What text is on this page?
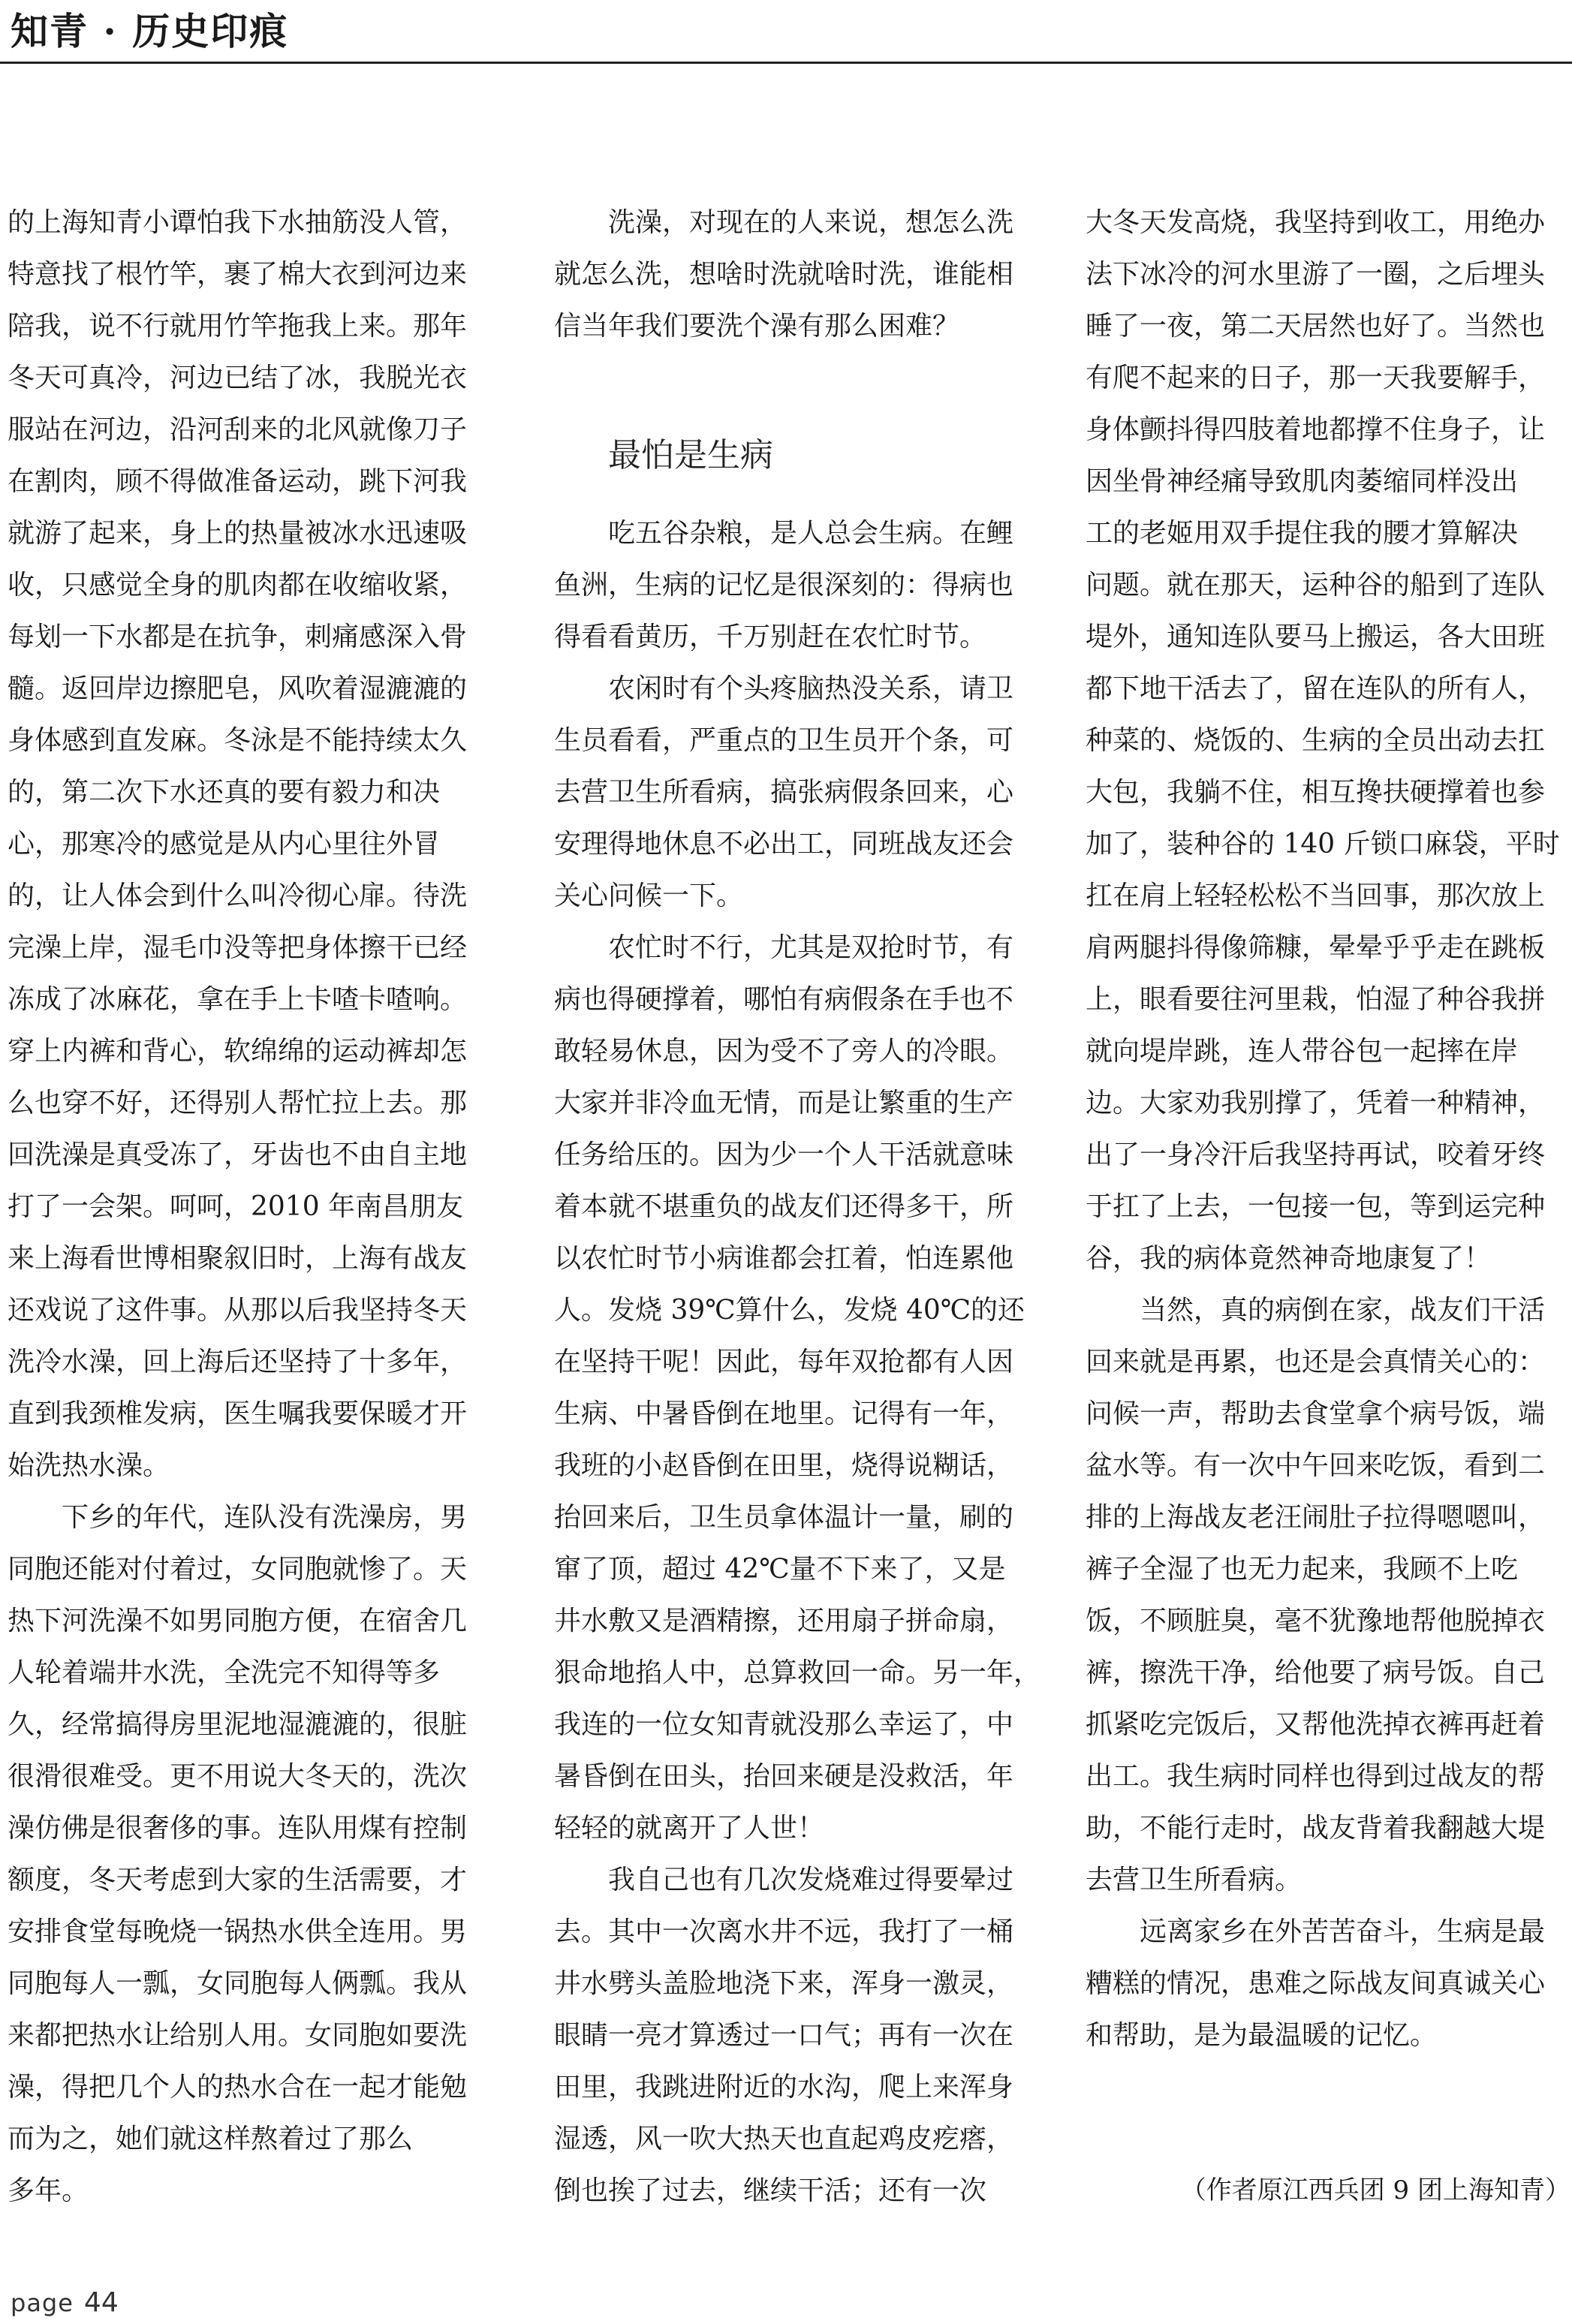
知青 · 历史印痕
的上海知青小谭怕我下水抽筋没人管，
特意找了根竹竿，裹了棉大衣到河边来
陪我，说不行就用竹竿拖我上来。那年
冬天可真冷，河边已结了冰，我脱光衣
服站在河边，沿河刮来的北风就像刀子
在割肉，顾不得做准备运动，跳下河我
就游了起来，身上的热量被冰水迅速吸
收，只感觉全身的肌肉都在收缩收紧，
每划一下水都是在抗争，刺痛感深入骨
髓。返回岸边擦肥皂，风吹着湿漉漉的
身体感到直发麻。冬泳是不能持续太久
的，第二次下水还真的要有毅力和决
心，那寒冷的感觉是从内心里往外冒
的，让人体会到什么叫冷彻心扉。待洗
完澡上岸，湿毛巾没等把身体擦干已经
冻成了冰麻花，拿在手上卡喳卡喳响。
穿上内裤和背心，软绵绵的运动裤却怎
么也穿不好，还得别人帮忙拉上去。那
回洗澡是真受冻了，牙齿也不由自主地
打了一会架。呵呵，2010 年南昌朋友
来上海看世博相聚叙旧时，上海有战友
还戏说了这件事。从那以后我坚持冬天
洗冷水澡，回上海后还坚持了十多年，
直到我颈椎发病，医生嘱我要保暖才开
始洗热水澡。
下乡的年代，连队没有洗澡房，男
同胞还能对付着过，女同胞就惨了。天
热下河洗澡不如男同胞方便，在宿舍几
人轮着端井水洗，全洗完不知得等多
久，经常搞得房里泥地湿漉漉的，很脏
很滑很难受。更不用说大冬天的，洗次
澡仿佛是很奢侈的事。连队用煤有控制
额度，冬天考虑到大家的生活需要，才
安排食堂每晚烧一锅热水供全连用。男
同胞每人一瓢，女同胞每人俩瓢。我从
来都把热水让给别人用。女同胞如要洗
澡，得把几个人的热水合在一起才能勉
而为之，她们就这样熬着过了那么
多年。
洗澡，对现在的人来说，想怎么洗
就怎么洗，想啥时洗就啥时洗，谁能相
信当年我们要洗个澡有那么困难？
最怕是生病
吃五谷杂粮，是人总会生病。在鲤
鱼洲，生病的记忆是很深刻的：得病也
得看看黄历，千万别赶在农忙时节。
农闲时有个头疼脑热没关系，请卫
生员看看，严重点的卫生员开个条，可
去营卫生所看病，搞张病假条回来，心
安理得地休息不必出工，同班战友还会
关心问候一下。
农忙时不行，尤其是双抢时节，有
病也得硬撑着，哪怕有病假条在手也不
敢轻易休息，因为受不了旁人的冷眼。
大家并非冷血无情，而是让繁重的生产
任务给压的。因为少一个人干活就意味
着本就不堪重负的战友们还得多干，所
以农忙时节小病谁都会扛着，怕连累他
人。发烧 39℃算什么，发烧 40℃的还
在坚持干呢！因此，每年双抢都有人因
生病、中暑昏倒在地里。记得有一年，
我班的小赵昏倒在田里，烧得说糊话，
抬回来后，卫生员拿体温计一量，刷的
窜了顶，超过 42℃量不下来了，又是
井水敷又是酒精擦，还用扇子拼命扇，
狠命地掐人中，总算救回一命。另一年，
我连的一位女知青就没那么幸运了，中
暑昏倒在田头，抬回来硬是没救活，年
轻轻的就离开了人世！
我自己也有几次发烧难过得要晕过
去。其中一次离水井不远，我打了一桶
井水劈头盖脸地浇下来，浑身一激灵，
眼睛一亮才算透过一口气；再有一次在
田里，我跳进附近的水沟，爬上来浑身
湿透，风一吹大热天也直起鸡皮疙瘩，
倒也挨了过去，继续干活；还有一次
大冬天发高烧，我坚持到收工，用绝办
法下冰冷的河水里游了一圈，之后埋头
睡了一夜，第二天居然也好了。当然也
有爬不起来的日子，那一天我要解手，
身体颤抖得四肢着地都撑不住身子，让
因坐骨神经痛导致肌肉萎缩同样没出
工的老姬用双手提住我的腰才算解决
问题。就在那天，运种谷的船到了连队
堤外，通知连队要马上搬运，各大田班
都下地干活去了，留在连队的所有人，
种菜的、烧饭的、生病的全员出动去扛
大包，我躺不住，相互搀扶硬撑着也参
加了，装种谷的 140 斤锁口麻袋，平时
扛在肩上轻轻松松不当回事，那次放上
肩两腿抖得像筛糠，晕晕乎乎走在跳板
上，眼看要往河里栽，怕湿了种谷我拼
就向堤岸跳，连人带谷包一起摔在岸
边。大家劝我别撑了，凭着一种精神，
出了一身冷汗后我坚持再试，咬着牙终
于扛了上去，一包接一包，等到运完种
谷，我的病体竟然神奇地康复了！
当然，真的病倒在家，战友们干活
回来就是再累，也还是会真情关心的：
问候一声，帮助去食堂拿个病号饭，端
盆水等。有一次中午回来吃饭，看到二
排的上海战友老汪闹肚子拉得嗯嗯叫，
裤子全湿了也无力起来，我顾不上吃
饭，不顾脏臭，毫不犹豫地帮他脱掉衣
裤，擦洗干净，给他要了病号饭。自己
抓紧吃完饭后，又帮他洗掉衣裤再赶着
出工。我生病时同样也得到过战友的帮
助，不能行走时，战友背着我翻越大堤
去营卫生所看病。
远离家乡在外苦苦奋斗，生病是最
糟糕的情况，患难之际战友间真诚关心
和帮助，是为最温暖的记忆。
（作者原江西兵团 9 团上海知青）
page 44
